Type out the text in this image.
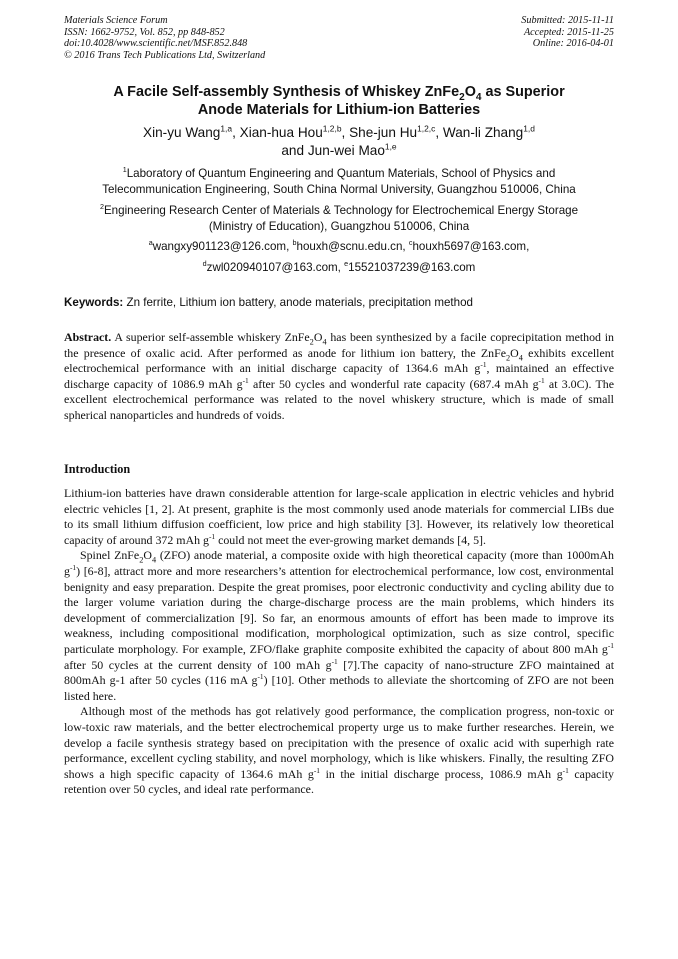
Materials Science Forum
ISSN: 1662-9752, Vol. 852, pp 848-852
doi:10.4028/www.scientific.net/MSF.852.848
© 2016 Trans Tech Publications Ltd, Switzerland
Submitted: 2015-11-11
Accepted: 2015-11-25
Online: 2016-04-01
A Facile Self-assembly Synthesis of Whiskey $ZnFe_2O_4$ as Superior
Anode Materials for Lithium-ion Batteries
Xin-yu Wang$^{1,a}$, Xian-hua Hou$^{1,2,b}$, She-jun Hu$^{1,2,c}$, Wan-li Zhang$^{1,d}$
and Jun-wei Mao$^{1,e}$
$^1$Laboratory of Quantum Engineering and Quantum Materials, School of Physics and
Telecommunication Engineering, South China Normal University, Guangzhou 510006, China
$^2$Engineering Research Center of Materials & Technology for Electrochemical Energy Storage
(Ministry of Education), Guangzhou 510006, China
$^a$wangxy901123@126.com, $^b$houxh@scnu.edu.cn, $^c$houxh5697@163.com,
$^d$zwl020940107@163.com, $^e$15521037239@163.com
Keywords: Zn ferrite, Lithium ion battery, anode materials, precipitation method
Abstract. A superior self-assemble whiskery $ZnFe_2O_4$ has been synthesized by a facile coprecipitation method in the presence of oxalic acid. After performed as anode for lithium ion battery, the $ZnFe_2O_4$ exhibits excellent electrochemical performance with an initial discharge capacity of 1364.6 mAh $g^{-1}$, maintained an effective discharge capacity of 1086.9 mAh $g^{-1}$ after 50 cycles and wonderful rate capacity (687.4 mAh $g^{-1}$ at 3.0C). The excellent electrochemical performance was related to the novel whiskery structure, which is made of small spherical nanoparticles and hundreds of voids.
Introduction

Lithium-ion batteries have drawn considerable attention for large-scale application in electric vehicles and hybrid electric vehicles [1, 2]. At present, graphite is the most commonly used anode materials for commercial LIBs due to its small lithium diffusion coefficient, low price and high stability [3]. However, its relatively low theoretical capacity of around 372 mAh $g^{-1}$ could not meet the ever-growing market demands [4, 5].

Spinel $ZnFe_2O_4$ (ZFO) anode material, a composite oxide with high theoretical capacity (more than 1000mAh $g^{-1}$) [6-8], attract more and more researchers’s attention for electrochemical performance, low cost, environmental benignity and easy preparation. Despite the great promises, poor electronic conductivity and cycling ability due to the larger volume variation during the charge-discharge process are the main problems, which hinders its development of commercialization [9]. So far, an enormous amounts of effort has been made to improve its weakness, including compositional modification, morphological optimization, such as size control, specific particulate morphology. For example, ZFO/flake graphite composite exhibited the capacity of about 800 mAh $g^{-1}$ after 50 cycles at the current density of 100 mAh $g^{-1}$ [7].The capacity of nano-structure ZFO maintained at 800mAh g-1 after 50 cycles (116 mA $g^{-1}$) [10]. Other methods to alleviate the shortcoming of ZFO are not been listed here.

Although most of the methods has got relatively good performance, the complication progress, non-toxic or low-toxic raw materials, and the better electrochemical property urge us to make further researches. Herein, we develop a facile synthesis strategy based on precipitation with the presence of oxalic acid with superhigh rate performance, excellent cycling stability, and novel morphology, which is like whiskers. Finally, the resulting ZFO shows a high specific capacity of 1364.6 mAh $g^{-1}$ in the initial discharge process, 1086.9 mAh $g^{-1}$ capacity retention over 50 cycles, and ideal rate performance.
